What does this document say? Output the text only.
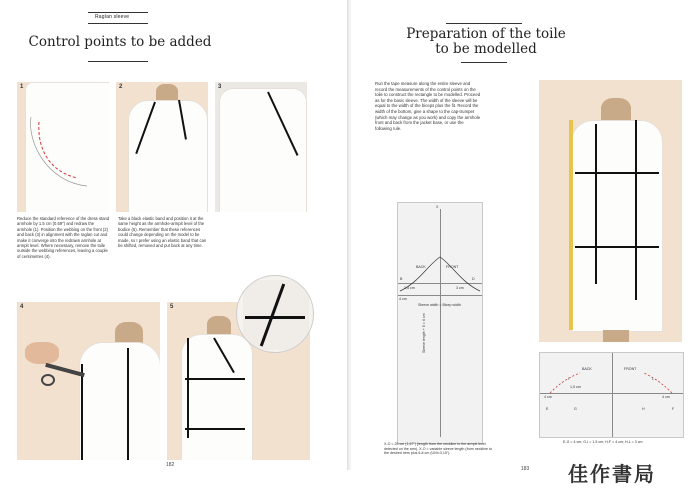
Raglan sleeve
Control points to be added
1	2	3

Reduce the standard reference of the dress stand armhole by 1.5 cm (0.59") and redraw the armhole (1). Position the webbing on the front (2) and back (3) in alignment with the raglan cut and make it converge into the redrawn armhole at armpit level. Where necessary, remove the toile outside the webbing references, leaving a couple of centimetres (4).

Take a black elastic band and position it at the same height as the armhole-armpit level of the bodice (5). Remember that these references could change depending on the model to be made, so I prefer using an elastic band that can be shifted, removed and put back at any time.

4	5
182
Preparation of the toile
to be modelled
Run the tape measure along the entire sleeve and record the measurements of the control points on the toile to construct the rectangle to be modelled. Proceed as for the basic sleeve. The width of the sleeve will be equal to the width of the biceps plus the fit. Record the width of the bottom, give a shape to the cap-trumpet (which may change as you work) and copy the armhole front and back from the jacket base, or use the following rule.
X
BACK	FRONT
B	D
1,5 cm	3 cm
4 cm
Sleeve width = Bicep width
Sleeve length + 5 = 6 cm
X-O = 25 cm (1,67") (length from the neckline to the armpit level detected on the arm), X-O = variable sleeve length (from neckline to the desired hem plus 6-8 cm (UNI=3,15").
BACK	FRONT
I	L
1,5 cm
4 cm	4 cm
E	G	H	F
E-G = 4 cm; G-I = 1,5 cm; H-F = 4 cm; H-L = 3 cm
183 佳作書局
